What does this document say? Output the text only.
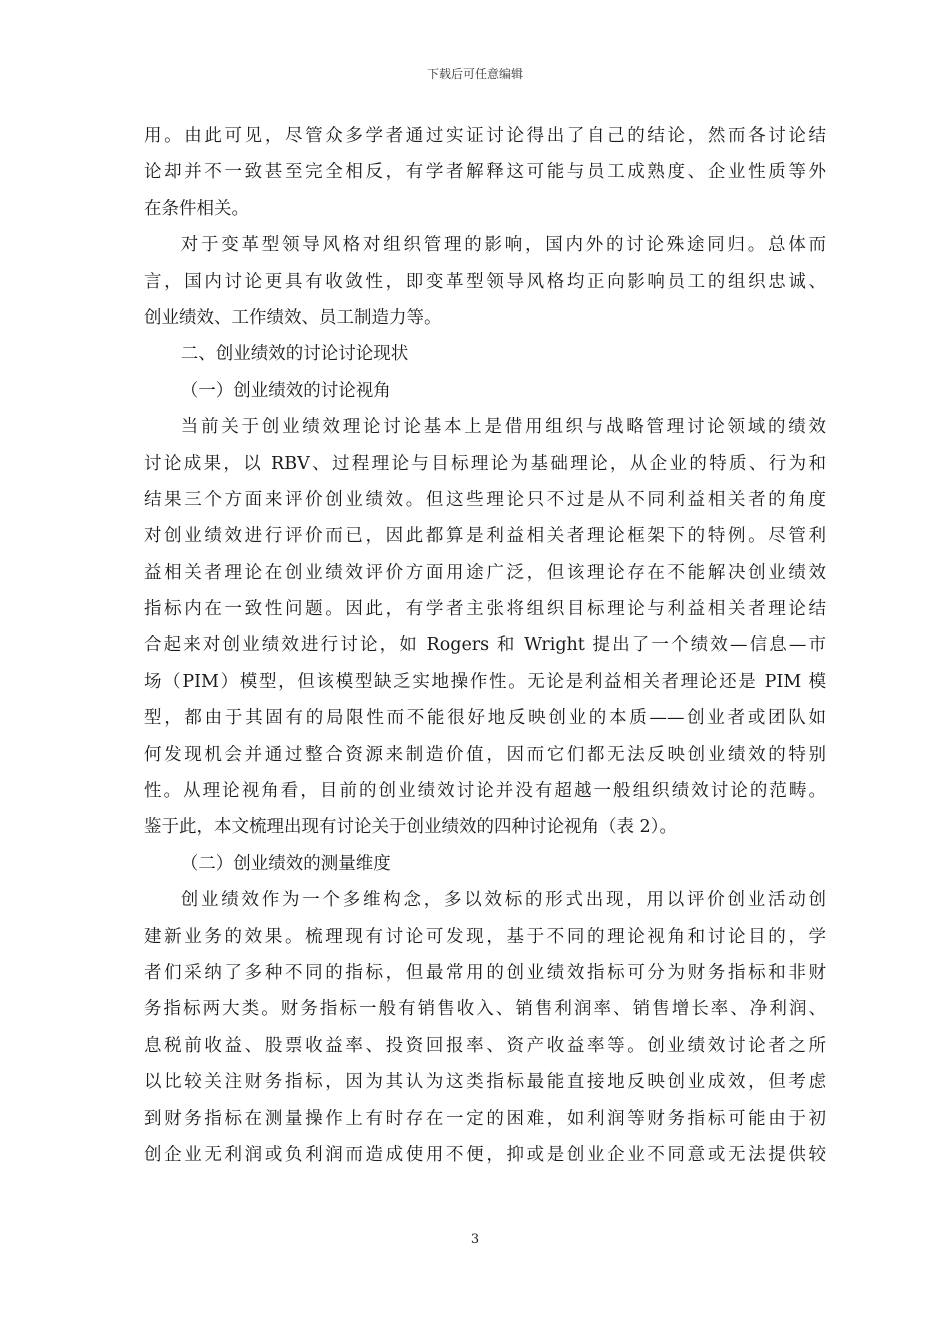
下载后可任意编辑
用。由此可见，尽管众多学者通过实证讨论得出了自己的结论，然而各讨论结
论却并不一致甚至完全相反，有学者解释这可能与员工成熟度、企业性质等外
在条件相关。
对于变革型领导风格对组织管理的影响，国内外的讨论殊途同归。总体而
言，国内讨论更具有收敛性，即变革型领导风格均正向影响员工的组织忠诚、
创业绩效、工作绩效、员工制造力等。
二、创业绩效的讨论讨论现状
（一）创业绩效的讨论视角
当前关于创业绩效理论讨论基本上是借用组织与战略管理讨论领域的绩效
讨论成果，以 RBV、过程理论与目标理论为基础理论，从企业的特质、行为和
结果三个方面来评价创业绩效。但这些理论只不过是从不同利益相关者的角度
对创业绩效进行评价而已，因此都算是利益相关者理论框架下的特例。尽管利
益相关者理论在创业绩效评价方面用途广泛，但该理论存在不能解决创业绩效
指标内在一致性问题。因此，有学者主张将组织目标理论与利益相关者理论结
合起来对创业绩效进行讨论，如 Rogers 和 Wright 提出了一个绩效—信息—市
场（PIM）模型，但该模型缺乏实地操作性。无论是利益相关者理论还是 PIM 模
型，都由于其固有的局限性而不能很好地反映创业的本质——创业者或团队如
何发现机会并通过整合资源来制造价值，因而它们都无法反映创业绩效的特别
性。从理论视角看，目前的创业绩效讨论并没有超越一般组织绩效讨论的范畴。
鉴于此，本文梳理出现有讨论关于创业绩效的四种讨论视角（表 2）。
（二）创业绩效的测量维度
创业绩效作为一个多维构念，多以效标的形式出现，用以评价创业活动创
建新业务的效果。梳理现有讨论可发现，基于不同的理论视角和讨论目的，学
者们采纳了多种不同的指标，但最常用的创业绩效指标可分为财务指标和非财
务指标两大类。财务指标一般有销售收入、销售利润率、销售增长率、净利润、
息税前收益、股票收益率、投资回报率、资产收益率等。创业绩效讨论者之所
以比较关注财务指标，因为其认为这类指标最能直接地反映创业成效，但考虑
到财务指标在测量操作上有时存在一定的困难，如利润等财务指标可能由于初
创企业无利润或负利润而造成使用不便，抑或是创业企业不同意或无法提供较
3
